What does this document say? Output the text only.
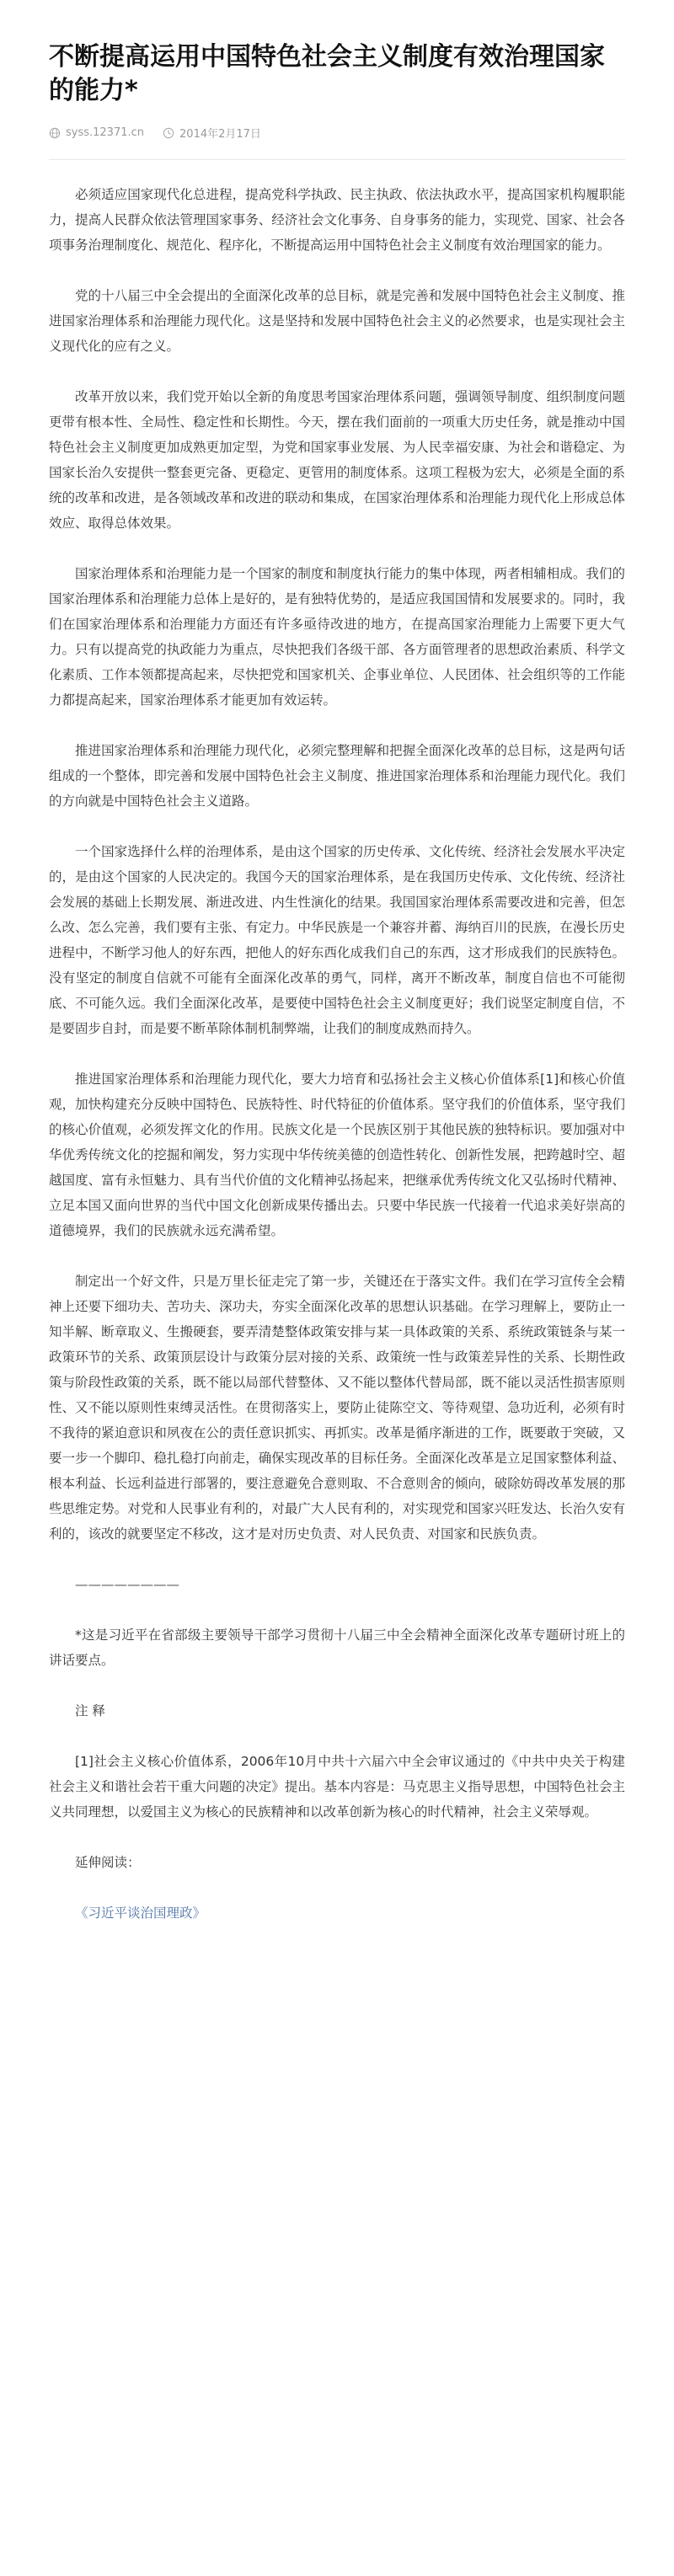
不断提高运用中国特色社会主义制度有效治理国家的能力*
syss.12371.cn	2014年2月17日

必须适应国家现代化总进程，提高党科学执政、民主执政、依法执政水平，提高国家机构履职能力，提高人民群众依法管理国家事务、经济社会文化事务、自身事务的能力，实现党、国家、社会各项事务治理制度化、规范化、程序化，不断提高运用中国特色社会主义制度有效治理国家的能力。

党的十八届三中全会提出的全面深化改革的总目标，就是完善和发展中国特色社会主义制度、推进国家治理体系和治理能力现代化。这是坚持和发展中国特色社会主义的必然要求，也是实现社会主义现代化的应有之义。

改革开放以来，我们党开始以全新的角度思考国家治理体系问题，强调领导制度、组织制度问题更带有根本性、全局性、稳定性和长期性。今天，摆在我们面前的一项重大历史任务，就是推动中国特色社会主义制度更加成熟更加定型，为党和国家事业发展、为人民幸福安康、为社会和谐稳定、为国家长治久安提供一整套更完备、更稳定、更管用的制度体系。这项工程极为宏大，必须是全面的系统的改革和改进，是各领域改革和改进的联动和集成，在国家治理体系和治理能力现代化上形成总体效应、取得总体效果。

国家治理体系和治理能力是一个国家的制度和制度执行能力的集中体现，两者相辅相成。我们的国家治理体系和治理能力总体上是好的，是有独特优势的，是适应我国国情和发展要求的。同时，我们在国家治理体系和治理能力方面还有许多亟待改进的地方，在提高国家治理能力上需要下更大气力。只有以提高党的执政能力为重点，尽快把我们各级干部、各方面管理者的思想政治素质、科学文化素质、工作本领都提高起来，尽快把党和国家机关、企事业单位、人民团体、社会组织等的工作能力都提高起来，国家治理体系才能更加有效运转。

推进国家治理体系和治理能力现代化，必须完整理解和把握全面深化改革的总目标，这是两句话组成的一个整体，即完善和发展中国特色社会主义制度、推进国家治理体系和治理能力现代化。我们的方向就是中国特色社会主义道路。

一个国家选择什么样的治理体系，是由这个国家的历史传承、文化传统、经济社会发展水平决定的，是由这个国家的人民决定的。我国今天的国家治理体系，是在我国历史传承、文化传统、经济社会发展的基础上长期发展、渐进改进、内生性演化的结果。我国国家治理体系需要改进和完善，但怎么改、怎么完善，我们要有主张、有定力。中华民族是一个兼容并蓄、海纳百川的民族，在漫长历史进程中，不断学习他人的好东西，把他人的好东西化成我们自己的东西，这才形成我们的民族特色。没有坚定的制度自信就不可能有全面深化改革的勇气，同样，离开不断改革，制度自信也不可能彻底、不可能久远。我们全面深化改革，是要使中国特色社会主义制度更好；我们说坚定制度自信，不是要固步自封，而是要不断革除体制机制弊端，让我们的制度成熟而持久。

推进国家治理体系和治理能力现代化，要大力培育和弘扬社会主义核心价值体系[1]和核心价值观，加快构建充分反映中国特色、民族特性、时代特征的价值体系。坚守我们的价值体系，坚守我们的核心价值观，必须发挥文化的作用。民族文化是一个民族区别于其他民族的独特标识。要加强对中华优秀传统文化的挖掘和阐发，努力实现中华传统美德的创造性转化、创新性发展，把跨越时空、超越国度、富有永恒魅力、具有当代价值的文化精神弘扬起来，把继承优秀传统文化又弘扬时代精神、立足本国又面向世界的当代中国文化创新成果传播出去。只要中华民族一代接着一代追求美好崇高的道德境界，我们的民族就永远充满希望。

制定出一个好文件，只是万里长征走完了第一步，关键还在于落实文件。我们在学习宣传全会精神上还要下细功夫、苦功夫、深功夫，夯实全面深化改革的思想认识基础。在学习理解上，要防止一知半解、断章取义、生搬硬套，要弄清楚整体政策安排与某一具体政策的关系、系统政策链条与某一政策环节的关系、政策顶层设计与政策分层对接的关系、政策统一性与政策差异性的关系、长期性政策与阶段性政策的关系，既不能以局部代替整体、又不能以整体代替局部，既不能以灵活性损害原则性、又不能以原则性束缚灵活性。在贯彻落实上，要防止徒陈空文、等待观望、急功近利，必须有时不我待的紧迫意识和夙夜在公的责任意识抓实、再抓实。改革是循序渐进的工作，既要敢于突破，又要一步一个脚印、稳扎稳打向前走，确保实现改革的目标任务。全面深化改革是立足国家整体利益、根本利益、长远利益进行部署的，要注意避免合意则取、不合意则舍的倾向，破除妨碍改革发展的那些思维定势。对党和人民事业有利的，对最广大人民有利的，对实现党和国家兴旺发达、长治久安有利的，该改的就要坚定不移改，这才是对历史负责、对人民负责、对国家和民族负责。

————————

*这是习近平在省部级主要领导干部学习贯彻十八届三中全会精神全面深化改革专题研讨班上的讲话要点。

注 释

[1]社会主义核心价值体系，2006年10月中共十六届六中全会审议通过的《中共中央关于构建社会主义和谐社会若干重大问题的决定》提出。基本内容是：马克思主义指导思想，中国特色社会主义共同理想，以爱国主义为核心的民族精神和以改革创新为核心的时代精神，社会主义荣辱观。

延伸阅读：

《习近平谈治国理政》
